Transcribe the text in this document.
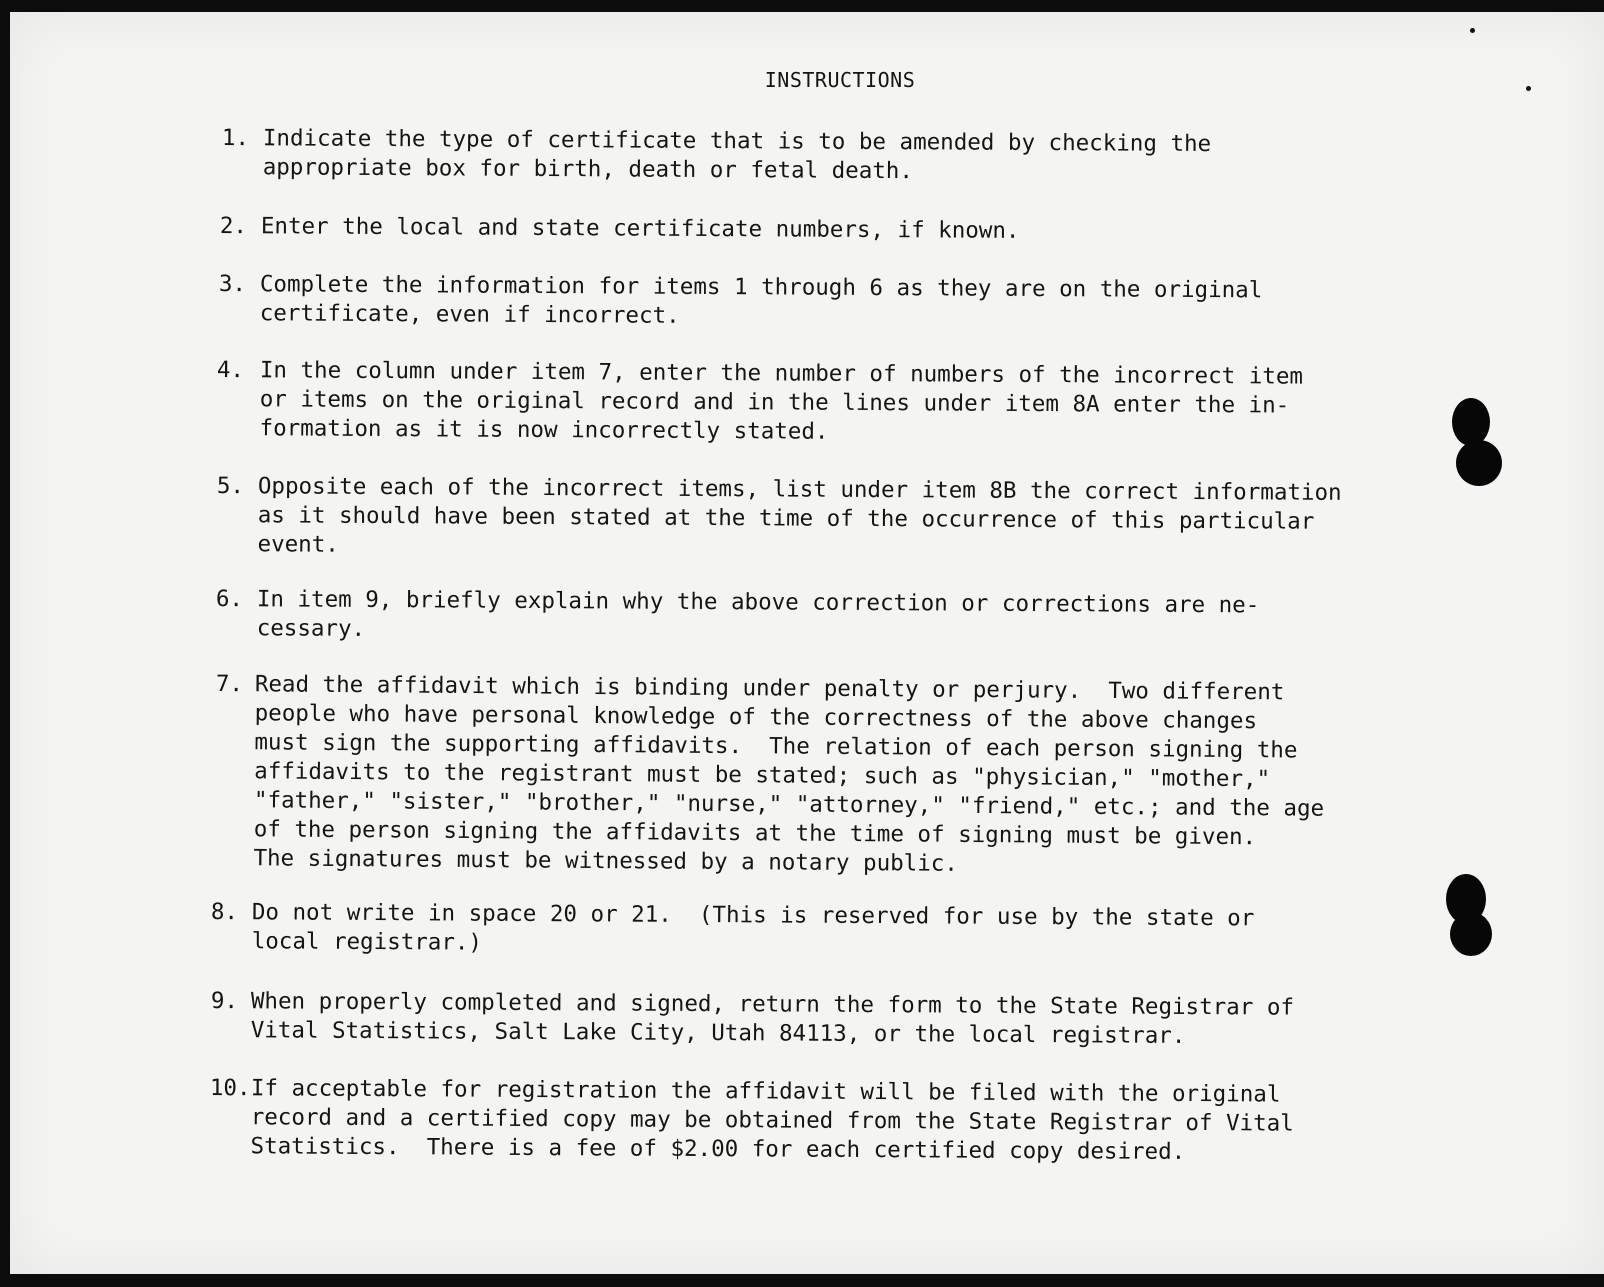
INSTRUCTIONS
1. Indicate the type of certificate that is to be amended by checking the
appropriate box for birth, death or fetal death.
2. Enter the local and state certificate numbers, if known.
3. Complete the information for items 1 through 6 as they are on the original
certificate, even if incorrect.
4. In the column under item 7, enter the number of numbers of the incorrect item
or items on the original record and in the lines under item 8A enter the in-
formation as it is now incorrectly stated.
5. Opposite each of the incorrect items, list under item 8B the correct information
as it should have been stated at the time of the occurrence of this particular
event.
6. In item 9, briefly explain why the above correction or corrections are ne-
cessary.
7. Read the affidavit which is binding under penalty or perjury.  Two different
people who have personal knowledge of the correctness of the above changes
must sign the supporting affidavits.  The relation of each person signing the
affidavits to the registrant must be stated; such as "physician," "mother,"
"father," "sister," "brother," "nurse," "attorney," "friend," etc.; and the age
of the person signing the affidavits at the time of signing must be given.
The signatures must be witnessed by a notary public.
8. Do not write in space 20 or 21.  (This is reserved for use by the state or
local registrar.)
9. When properly completed and signed, return the form to the State Registrar of
Vital Statistics, Salt Lake City, Utah 84113, or the local registrar.
10. If acceptable for registration the affidavit will be filed with the original
record and a certified copy may be obtained from the State Registrar of Vital
Statistics.  There is a fee of $2.00 for each certified copy desired.
